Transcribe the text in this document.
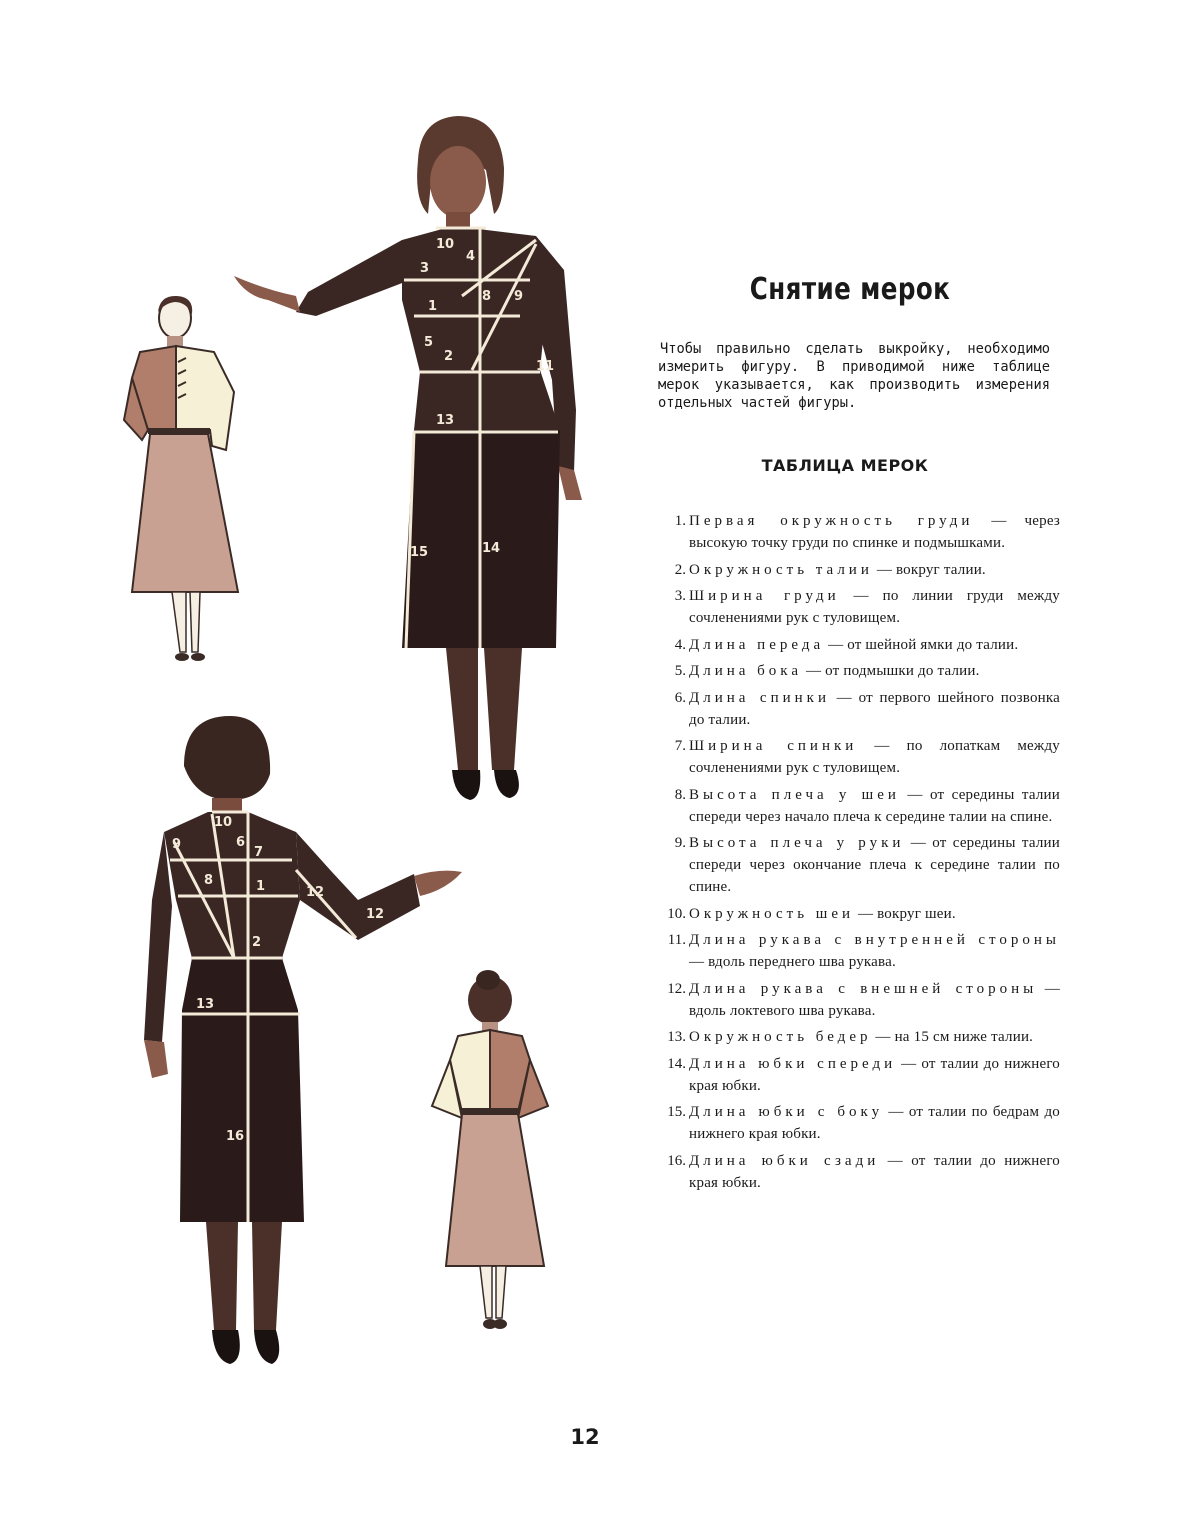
10
4
3
1
8 9
5
2
11
13
15	14
10
9	6
7
8	1	12
12
2
13
16
Снятие мерок
Чтобы правильно сделать выкройку, необходимо измерить фигуру. В приводимой ниже таблице мерок указывается, как производить измерения отдельных частей фигуры.
ТАБЛИЦА МЕРОК
1. Первая окружность груди — через высокую точку груди по спинке и подмышками.
2. Окружность талии — вокруг талии.
3. Ширина груди — по линии груди между сочленениями рук с туловищем.
4. Длина переда — от шейной ямки до талии.
5. Длина бока — от подмышки до талии.
6. Длина спинки — от первого шейного позвонка до талии.
7. Ширина спинки — по лопаткам между сочленениями рук с туловищем.
8. Высота плеча у шеи — от середины талии спереди через начало плеча к середине талии на спине.
9. Высота плеча у руки — от середины талии спереди через окончание плеча к середине талии по спине.
10. Окружность шеи — вокруг шеи.
11. Длина рукава с внутренней стороны — вдоль переднего шва рукава.
12. Длина рукава с внешней стороны — вдоль локтевого шва рукава.
13. Окружность бедер — на 15 см ниже талии.
14. Длина юбки спереди — от талии до нижнего края юбки.
15. Длина юбки с боку — от талии по бедрам до нижнего края юбки.
16. Длина юбки сзади — от талии до нижнего края юбки.
12
